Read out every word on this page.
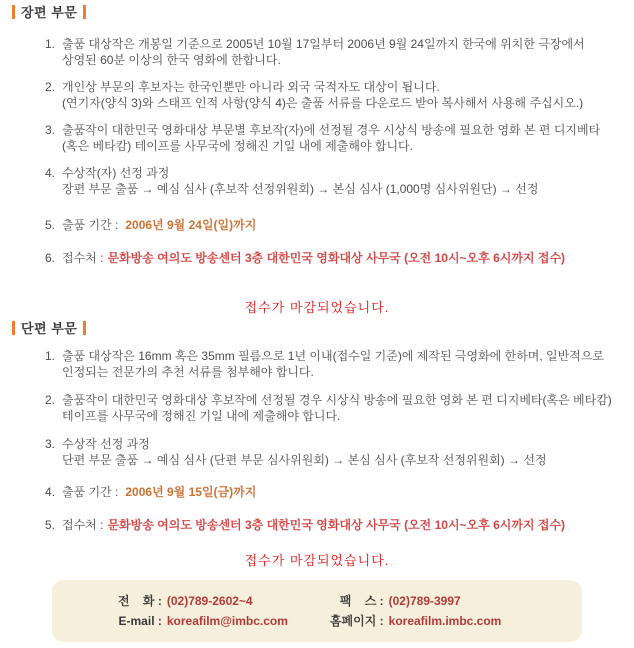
장편 부문
1. 출품 대상작은 개봉일 기준으로 2005년 10월 17일부터 2006년 9월 24일까지 한국에 위치한 극장에서
상영된 60분 이상의 한국 영화에 한합니다.
2. 개인상 부문의 후보자는 한국인뿐만 아니라 외국 국적자도 대상이 됩니다.
(연기자(양식 3)와 스태프 인적 사항(양식 4)은 출품 서류를 다운로드 받아 복사해서 사용해 주십시오.)
3. 출품작이 대한민국 영화대상 부문별 후보작(자)에 선정될 경우 시상식 방송에 필요한 영화 본 편 디지베타
(혹은 베타캄) 테이프를 사무국에 정해진 기일 내에 제출해야 합니다.
4. 수상작(자) 선정 과정
장편 부문 출품 → 예심 심사 (후보작 선정위원회) → 본심 심사 (1,000명 심사위원단) → 선정
5. 출품 기간 : 2006년 9월 24일(일)까지
6. 접수처 : 문화방송 여의도 방송센터 3층 대한민국 영화대상 사무국 (오전 10시~오후 6시까지 접수)
접수가 마감되었습니다.
단편 부문
1. 출품 대상작은 16mm 혹은 35mm 필름으로 1년 이내(접수일 기준)에 제작된 극영화에 한하며, 일반적으로
인정되는 전문가의 추천 서류를 첨부해야 합니다.
2. 출품작이 대한민국 영화대상 후보작에 선정될 경우 시상식 방송에 필요한 영화 본 편 디지베타(혹은 베타캄)
테이프를 사무국에 정해진 기일 내에 제출해야 합니다.
3. 수상작 선정 과정
단편 부문 출품 → 예심 심사 (단편 부문 심사위원회) → 본심 심사 (후보작 선정위원회) → 선정
4. 출품 기간 : 2006년 9월 15일(금)까지
5. 접수처 : 문화방송 여의도 방송센터 3층 대한민국 영화대상 사무국 (오전 10시~오후 6시까지 접수)
접수가 마감되었습니다.
전    화 : (02)789-2602~4	팩    스 : (02)789-3997
E-mail : koreafilm@imbc.com	홈페이지 : koreafilm.imbc.com
